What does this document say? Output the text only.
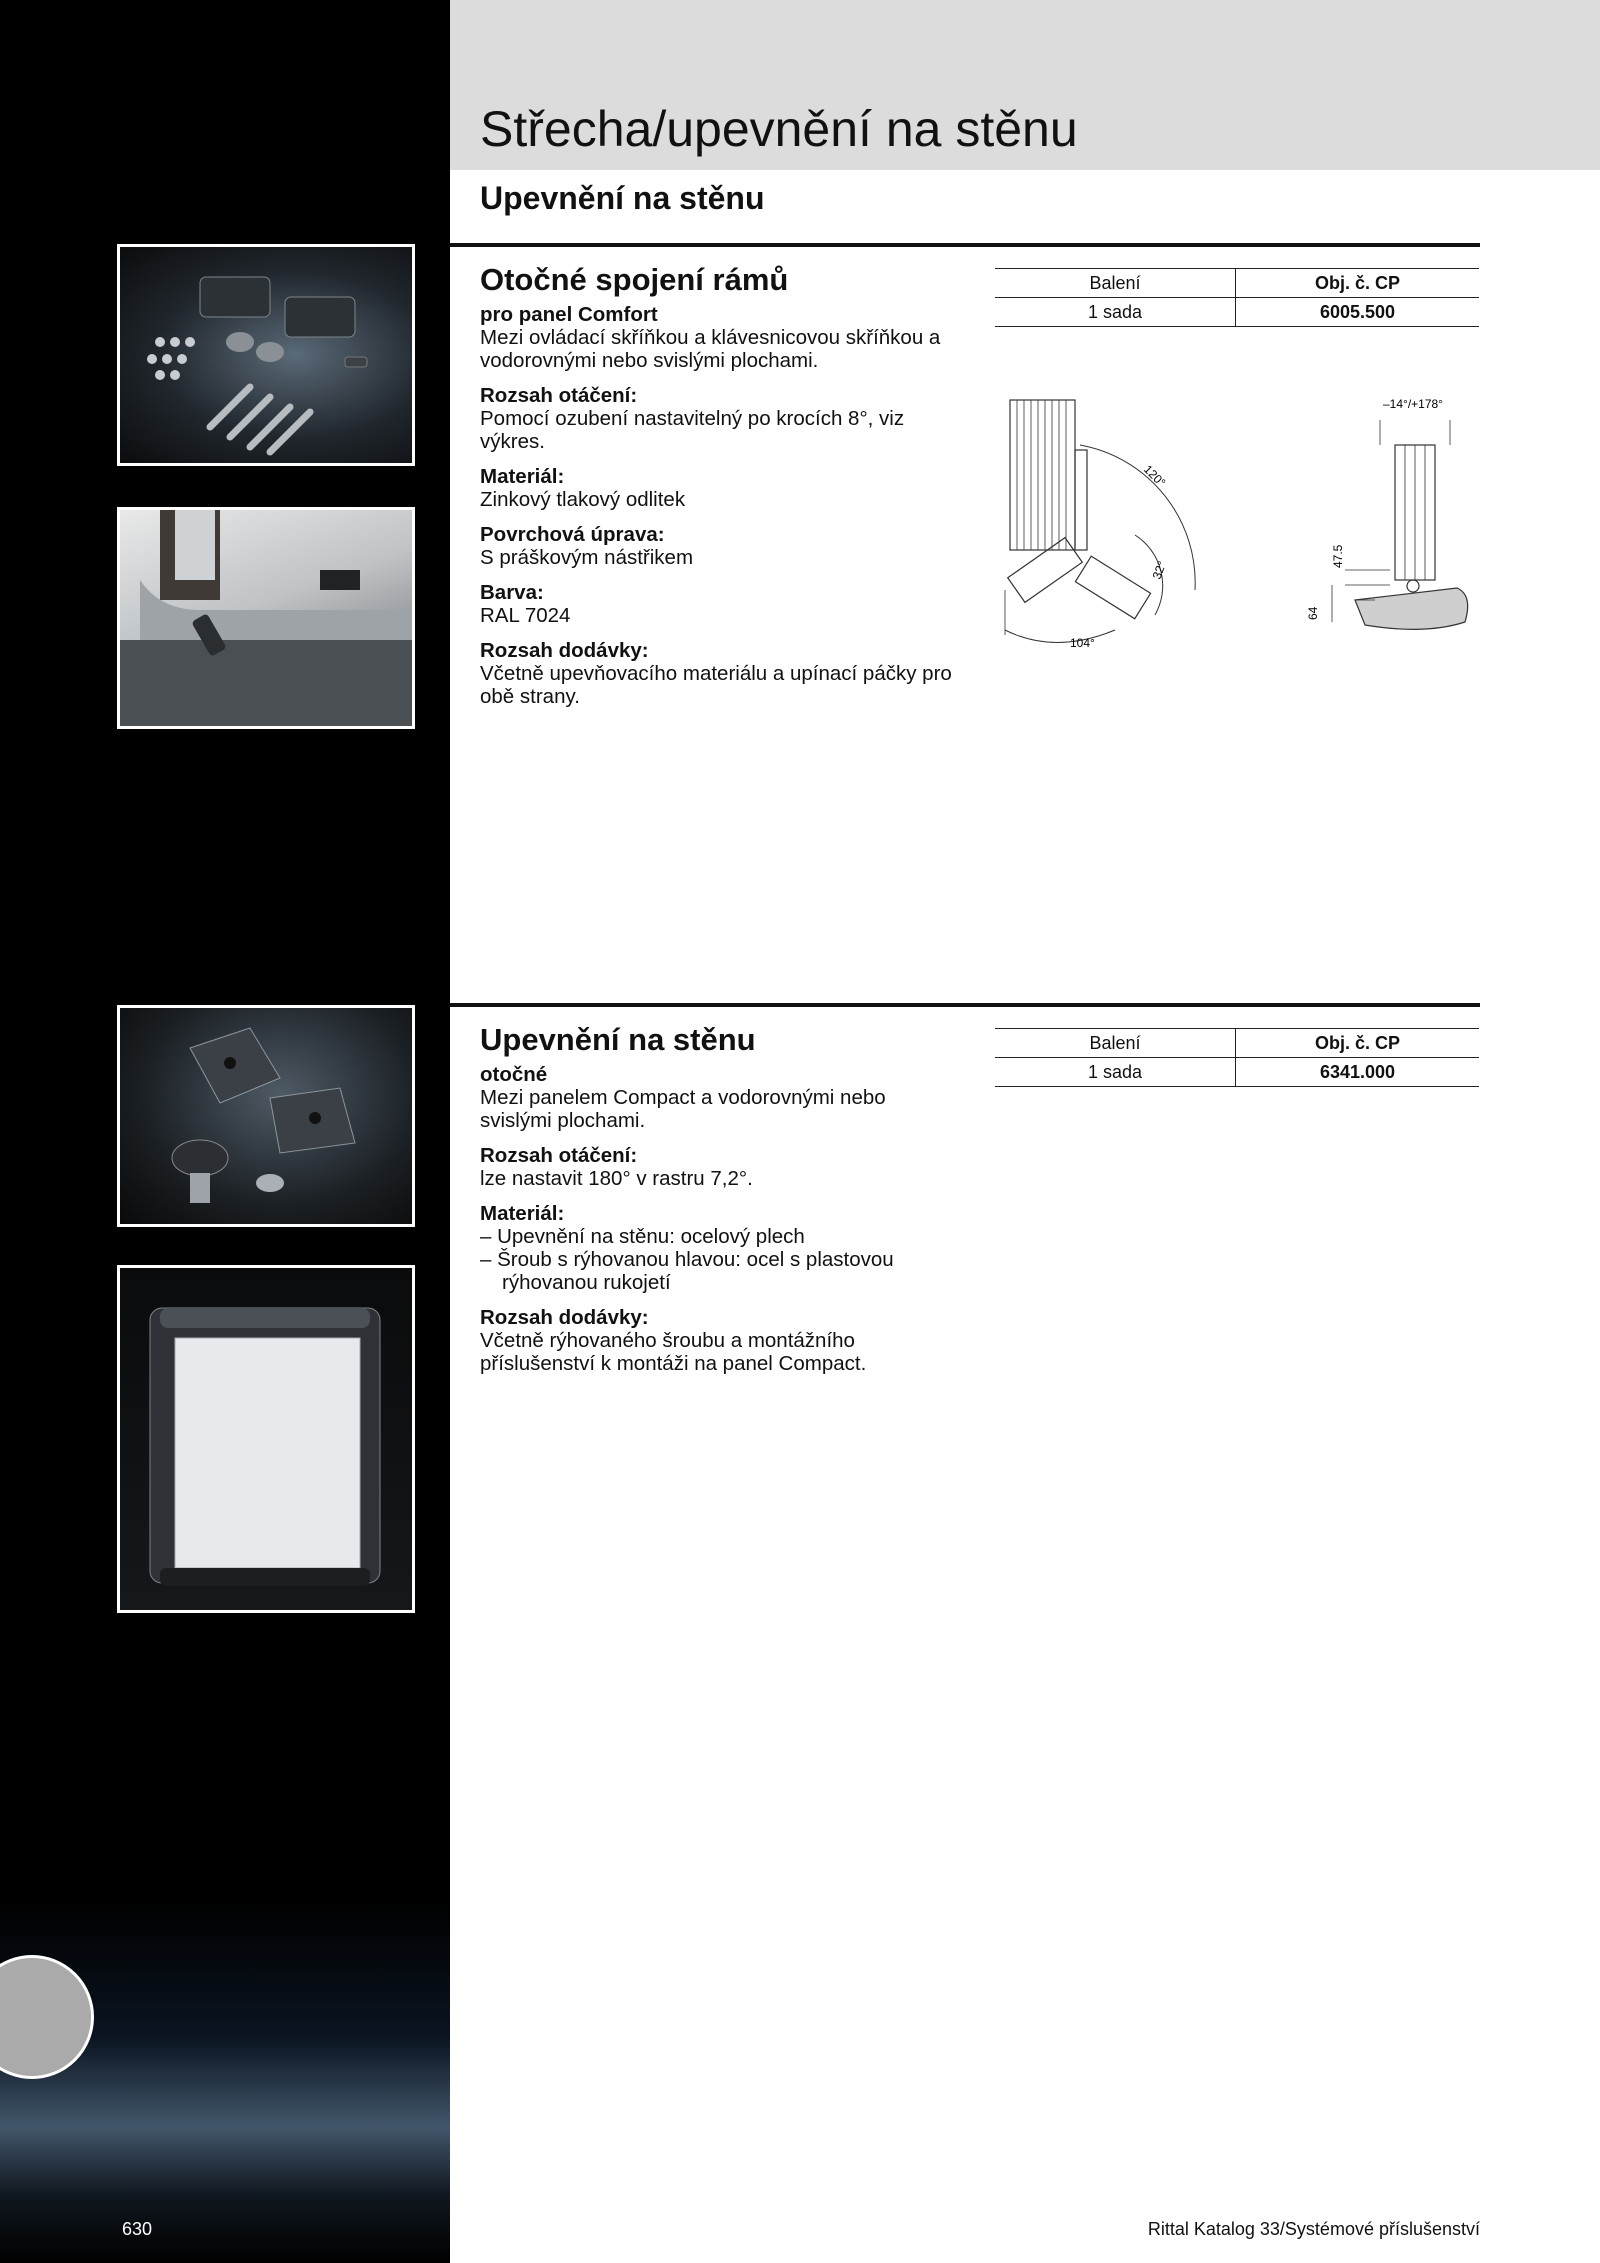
Střecha/upevnění na stěnu
Upevnění na stěnu
Otočné spojení rámů
pro panel Comfort
Mezi ovládací skříňkou a klávesnicovou skříňkou a vodorovnými nebo svislými plochami.
Rozsah otáčení:
Pomocí ozubení nastavitelný po krocích 8°, viz výkres.
Materiál:
Zinkový tlakový odlitek
Povrchová úprava:
S práškovým nástřikem
Barva:
RAL 7024
Rozsah dodávky:
Včetně upevňovacího materiálu a upínací páčky pro obě strany.
Balení	Obj. č. CP
1 sada	6005.500
120°
32°
104°
–14°/+178°
47.5
64
Upevnění na stěnu
otočné
Mezi panelem Compact a vodorovnými nebo svislými plochami.
Rozsah otáčení:
lze nastavit 180° v rastru 7,2°.
Materiál:
– Upevnění na stěnu: ocelový plech
– Šroub s rýhovanou hlavou: ocel s plastovou rýhovanou rukojetí
Rozsah dodávky:
Včetně rýhovaného šroubu a montážního příslušenství k montáži na panel Compact.
Balení	Obj. č. CP
1 sada	6341.000
630	Rittal Katalog 33/Systémové příslušenství
